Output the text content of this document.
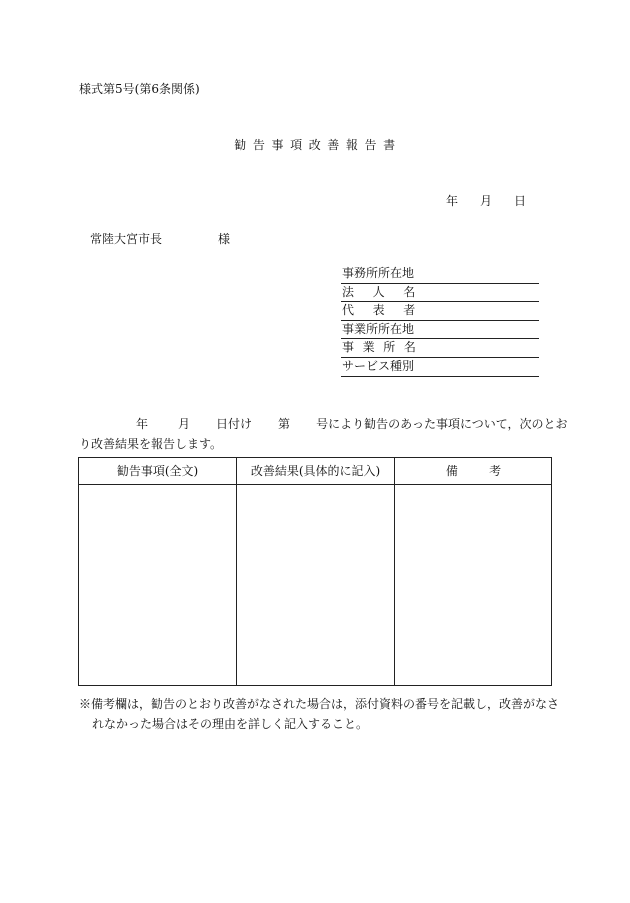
様式第5号(第6条関係)
勧告事項改善報告書
年 月 日
常陸大宮市長	様
事務所所在地
法人名
代表者
事業所所在地
事業所名
サービス種別
年	月 日付け 第 号により勧告のあった事項について，次のとお
り改善結果を報告します。
勧告事項(全文)	改善結果(具体的に記入)	備考
※備考欄は，勧告のとおり改善がなされた場合は，添付資料の番号を記載し，改善がなさ
れなかった場合はその理由を詳しく記入すること。
